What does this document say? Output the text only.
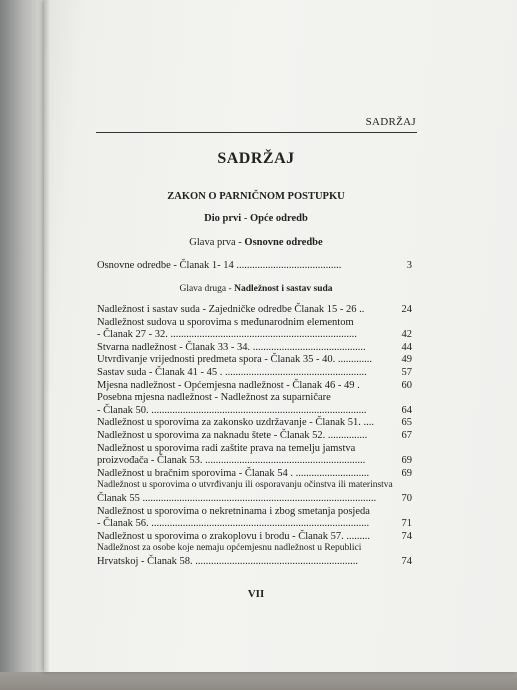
SADRŽAJ
SADRŽAJ
ZAKON O PARNIČNOM POSTUPKU
Dio prvi - Opće odredb
Glava prva - Osnovne odredbe
Osnovne odredbe - Članak 1- 14 ........................................	3
Glava druga - Nadležnost i sastav suda
Nadležnost i sastav suda - Zajedničke odredbe Članak 15 - 26 ..	24
Nadležnost sudova u sporovima s međunarodnim elementom
- Članak 27 - 32. .......................................................................	42
Stvarna nadležnost - Članak 33 - 34. ...........................................	44
Utvrđivanje vrijednosti predmeta spora - Članak 35 - 40. .............	49
Sastav suda - Članak 41 - 45 . ......................................................	57
Mjesna nadležnost - Općemjesna nadležnost - Članak 46 - 49 .	60
Posebna mjesna nadležnost - Nadležnost za suparničare
- Članak 50. ..................................................................................	64
Nadležnost u sporovima za zakonsko uzdržavanje - Članak 51. ....	65
Nadležnost u sporovima za naknadu štete - Članak 52. ...............	67
Nadležnost u sporovima radi zaštite prava na temelju jamstva
proizvođača - Članak 53. .............................................................	69
Nadležnost u bračnim sporovima - Članak 54 . ............................	69
Nadležnost u sporovima o utvrđivanju ili osporavanju očinstva ili materinstva
Članak 55 ......................................................................................... 70
Nadležnost u sporovima o nekretninama i zbog smetanja posjeda
- Članak 56. ...................................................................................	71
Nadležnost u sporovima o zrakoplovu i brodu - Članak 57. .........	74
Nadležnost za osobe koje nemaju općemjesnu nadležnost u Republici
Hrvatskoj - Članak 58. ..............................................................	74
VII
